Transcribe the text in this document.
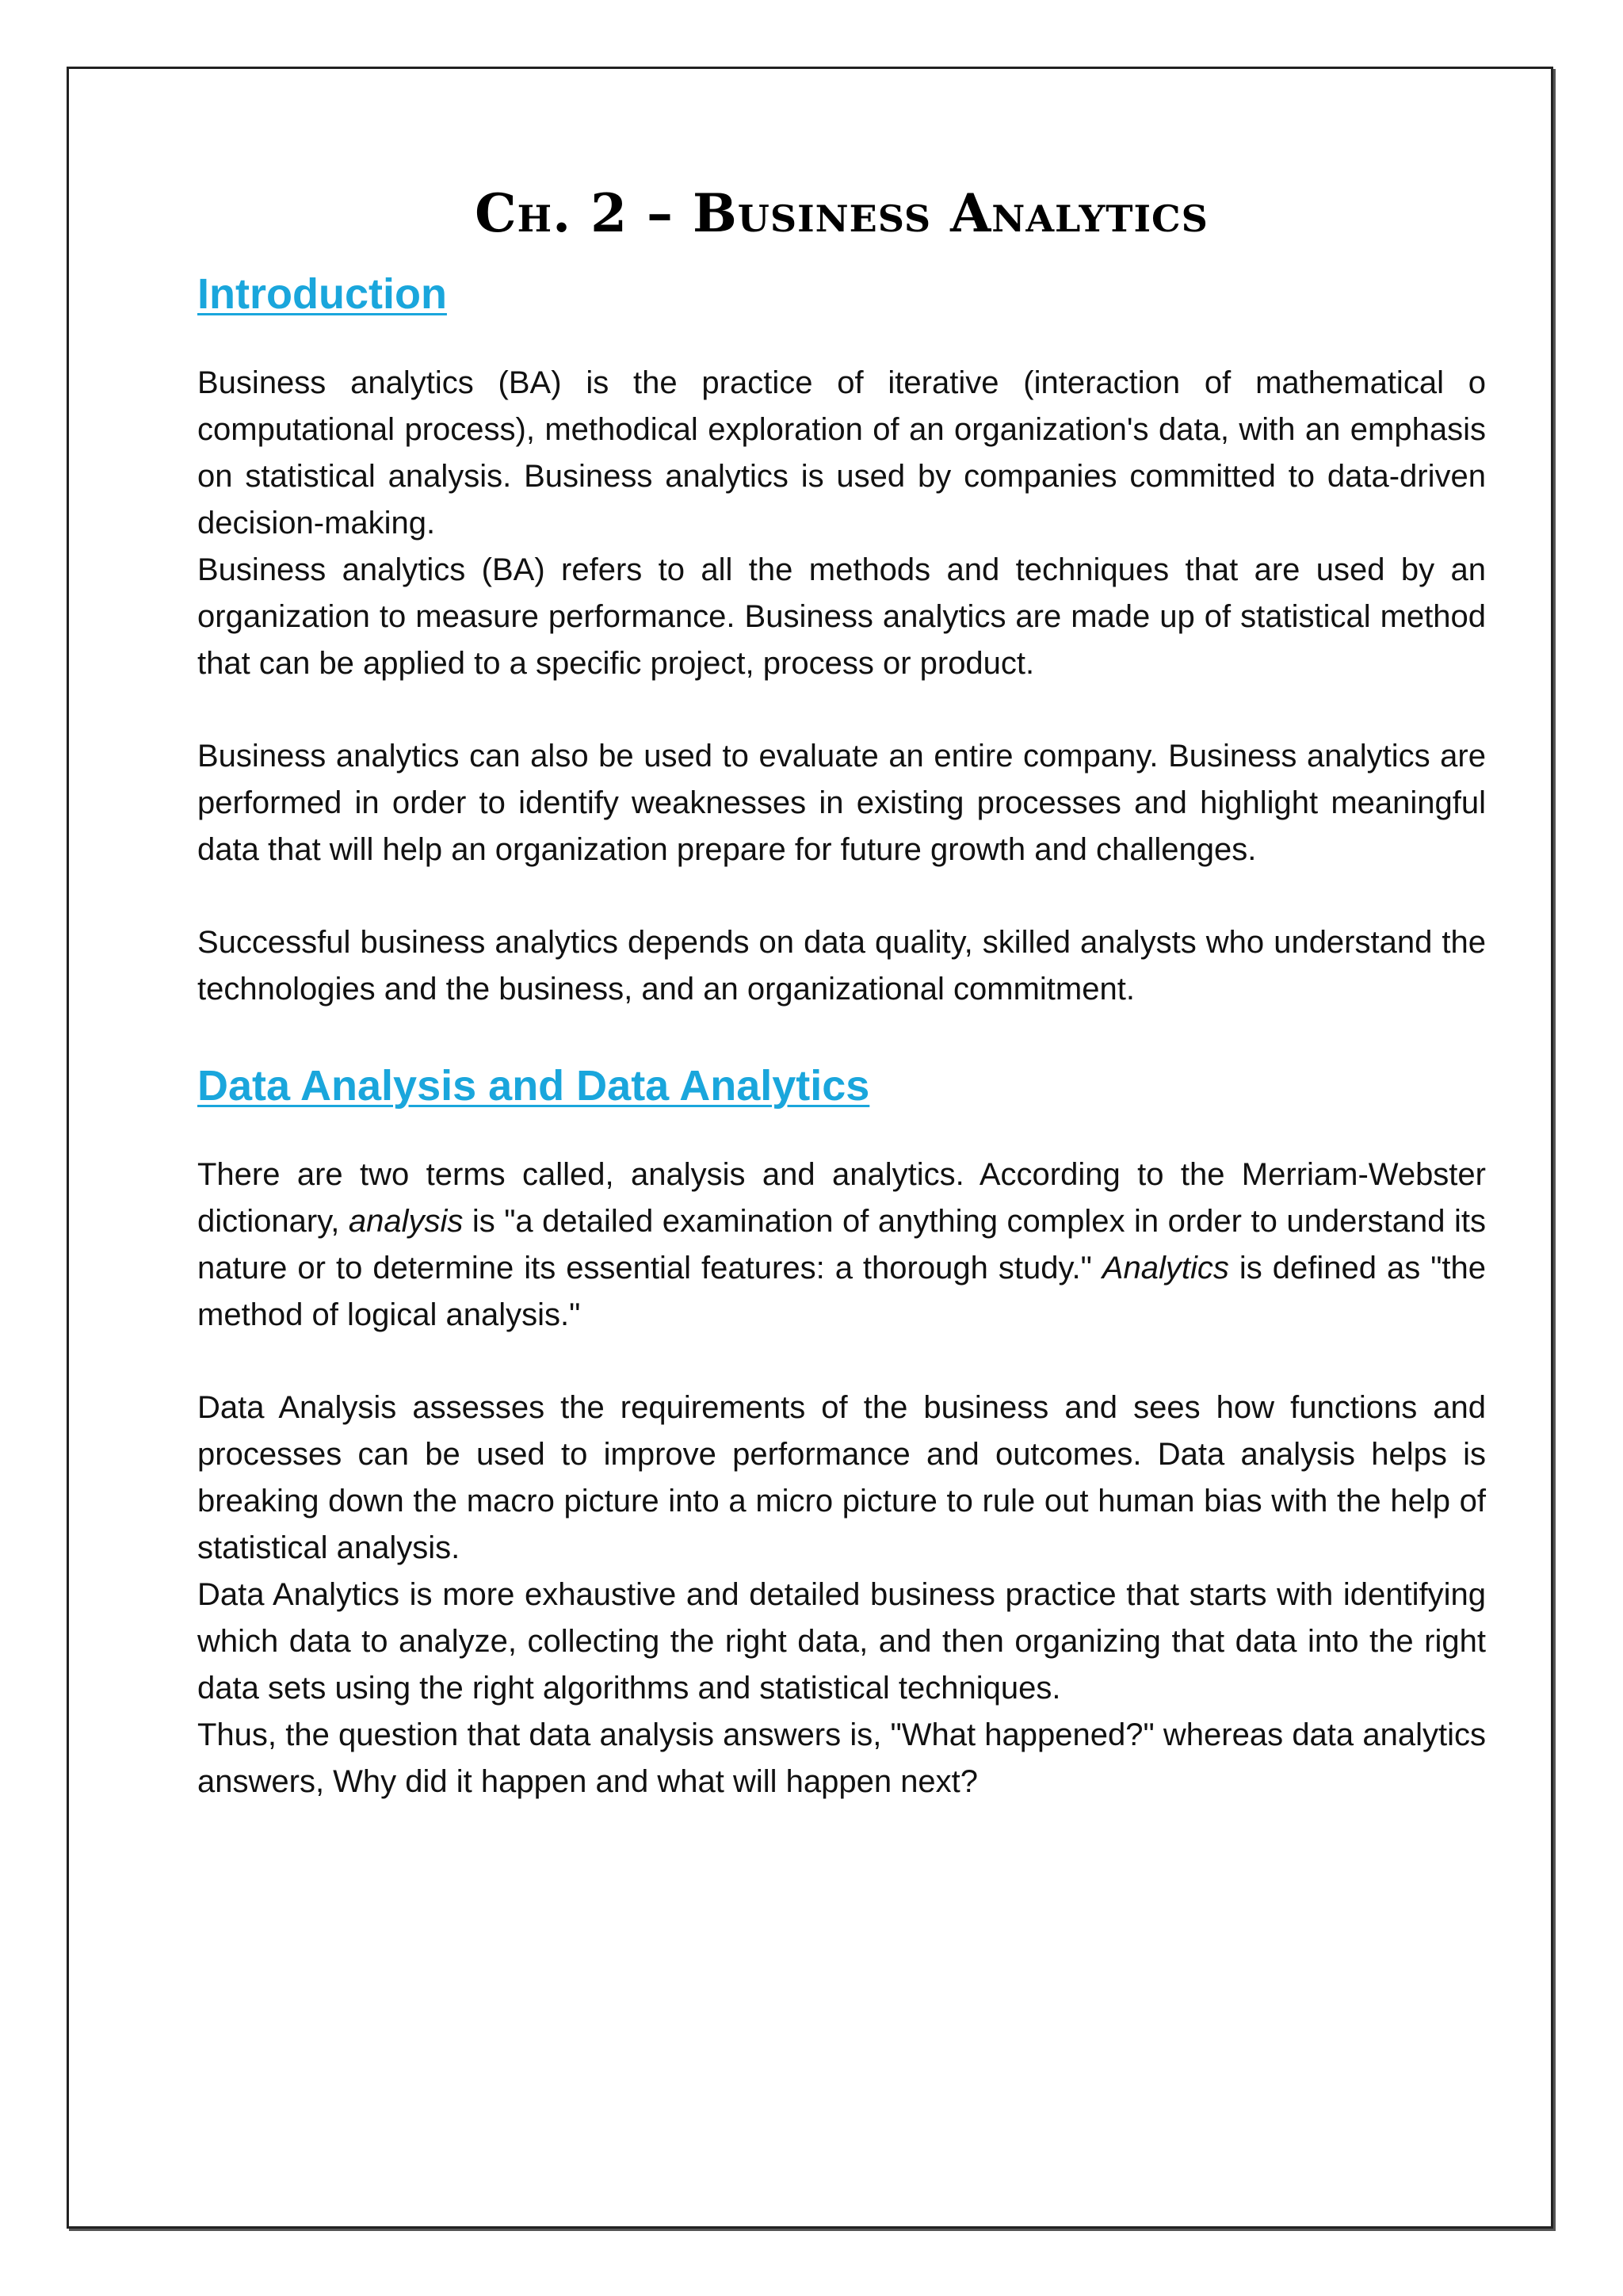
Ch. 2 – Business Analytics
Introduction

Business analytics (BA) is the practice of iterative (interaction of mathematical o computational process), methodical exploration of an organization's data, with an emphasis on statistical analysis. Business analytics is used by companies committed to data-driven decision-making.

Business analytics (BA) refers to all the methods and techniques that are used by an organization to measure performance. Business analytics are made up of statistical method that can be applied to a specific project, process or product.

Business analytics can also be used to evaluate an entire company. Business analytics are performed in order to identify weaknesses in existing processes and highlight meaningful data that will help an organization prepare for future growth and challenges.

Successful business analytics depends on data quality, skilled analysts who understand the technologies and the business, and an organizational commitment.

Data Analysis and Data Analytics

There are two terms called, analysis and analytics. According to the Merriam-Webster dictionary, analysis is "a detailed examination of anything complex in order to understand its nature or to determine its essential features: a thorough study." Analytics is defined as "the method of logical analysis."

Data Analysis assesses the requirements of the business and sees how functions and processes can be used to improve performance and outcomes. Data analysis helps is breaking down the macro picture into a micro picture to rule out human bias with the help of statistical analysis.

Data Analytics is more exhaustive and detailed business practice that starts with identifying which data to analyze, collecting the right data, and then organizing that data into the right data sets using the right algorithms and statistical techniques.

Thus, the question that data analysis answers is, "What happened?" whereas data analytics answers, Why did it happen and what will happen next?
